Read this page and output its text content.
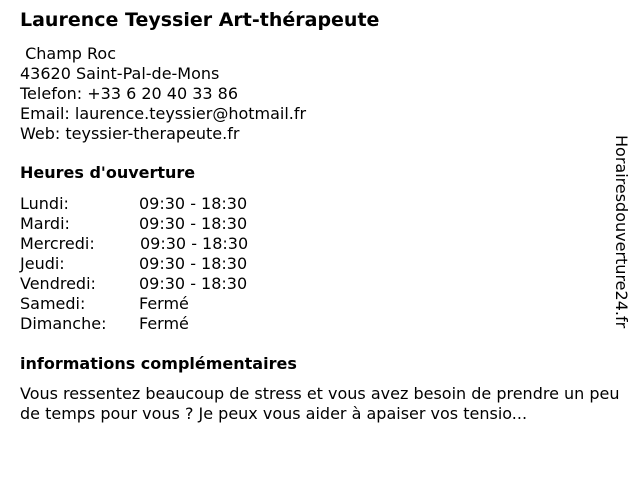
Laurence Teyssier Art-thérapeute
Champ Roc
43620 Saint-Pal-de-Mons
Telefon: +33 6 20 40 33 86
Email: laurence.teyssier@hotmail.fr
Web: teyssier-therapeute.fr
Heures d'ouverture
Lundi:	09:30 - 18:30
Mardi:	09:30 - 18:30
Mercredi:	09:30 - 18:30
Jeudi:	09:30 - 18:30
Vendredi:	09:30 - 18:30
Samedi:	Fermé
Dimanche: Fermé
informations complémentaires
Vous ressentez beaucoup de stress et vous avez besoin de prendre un peu de temps pour vous ? Je peux vous aider à apaiser vos tensio...
Horairesdouverture24.fr
